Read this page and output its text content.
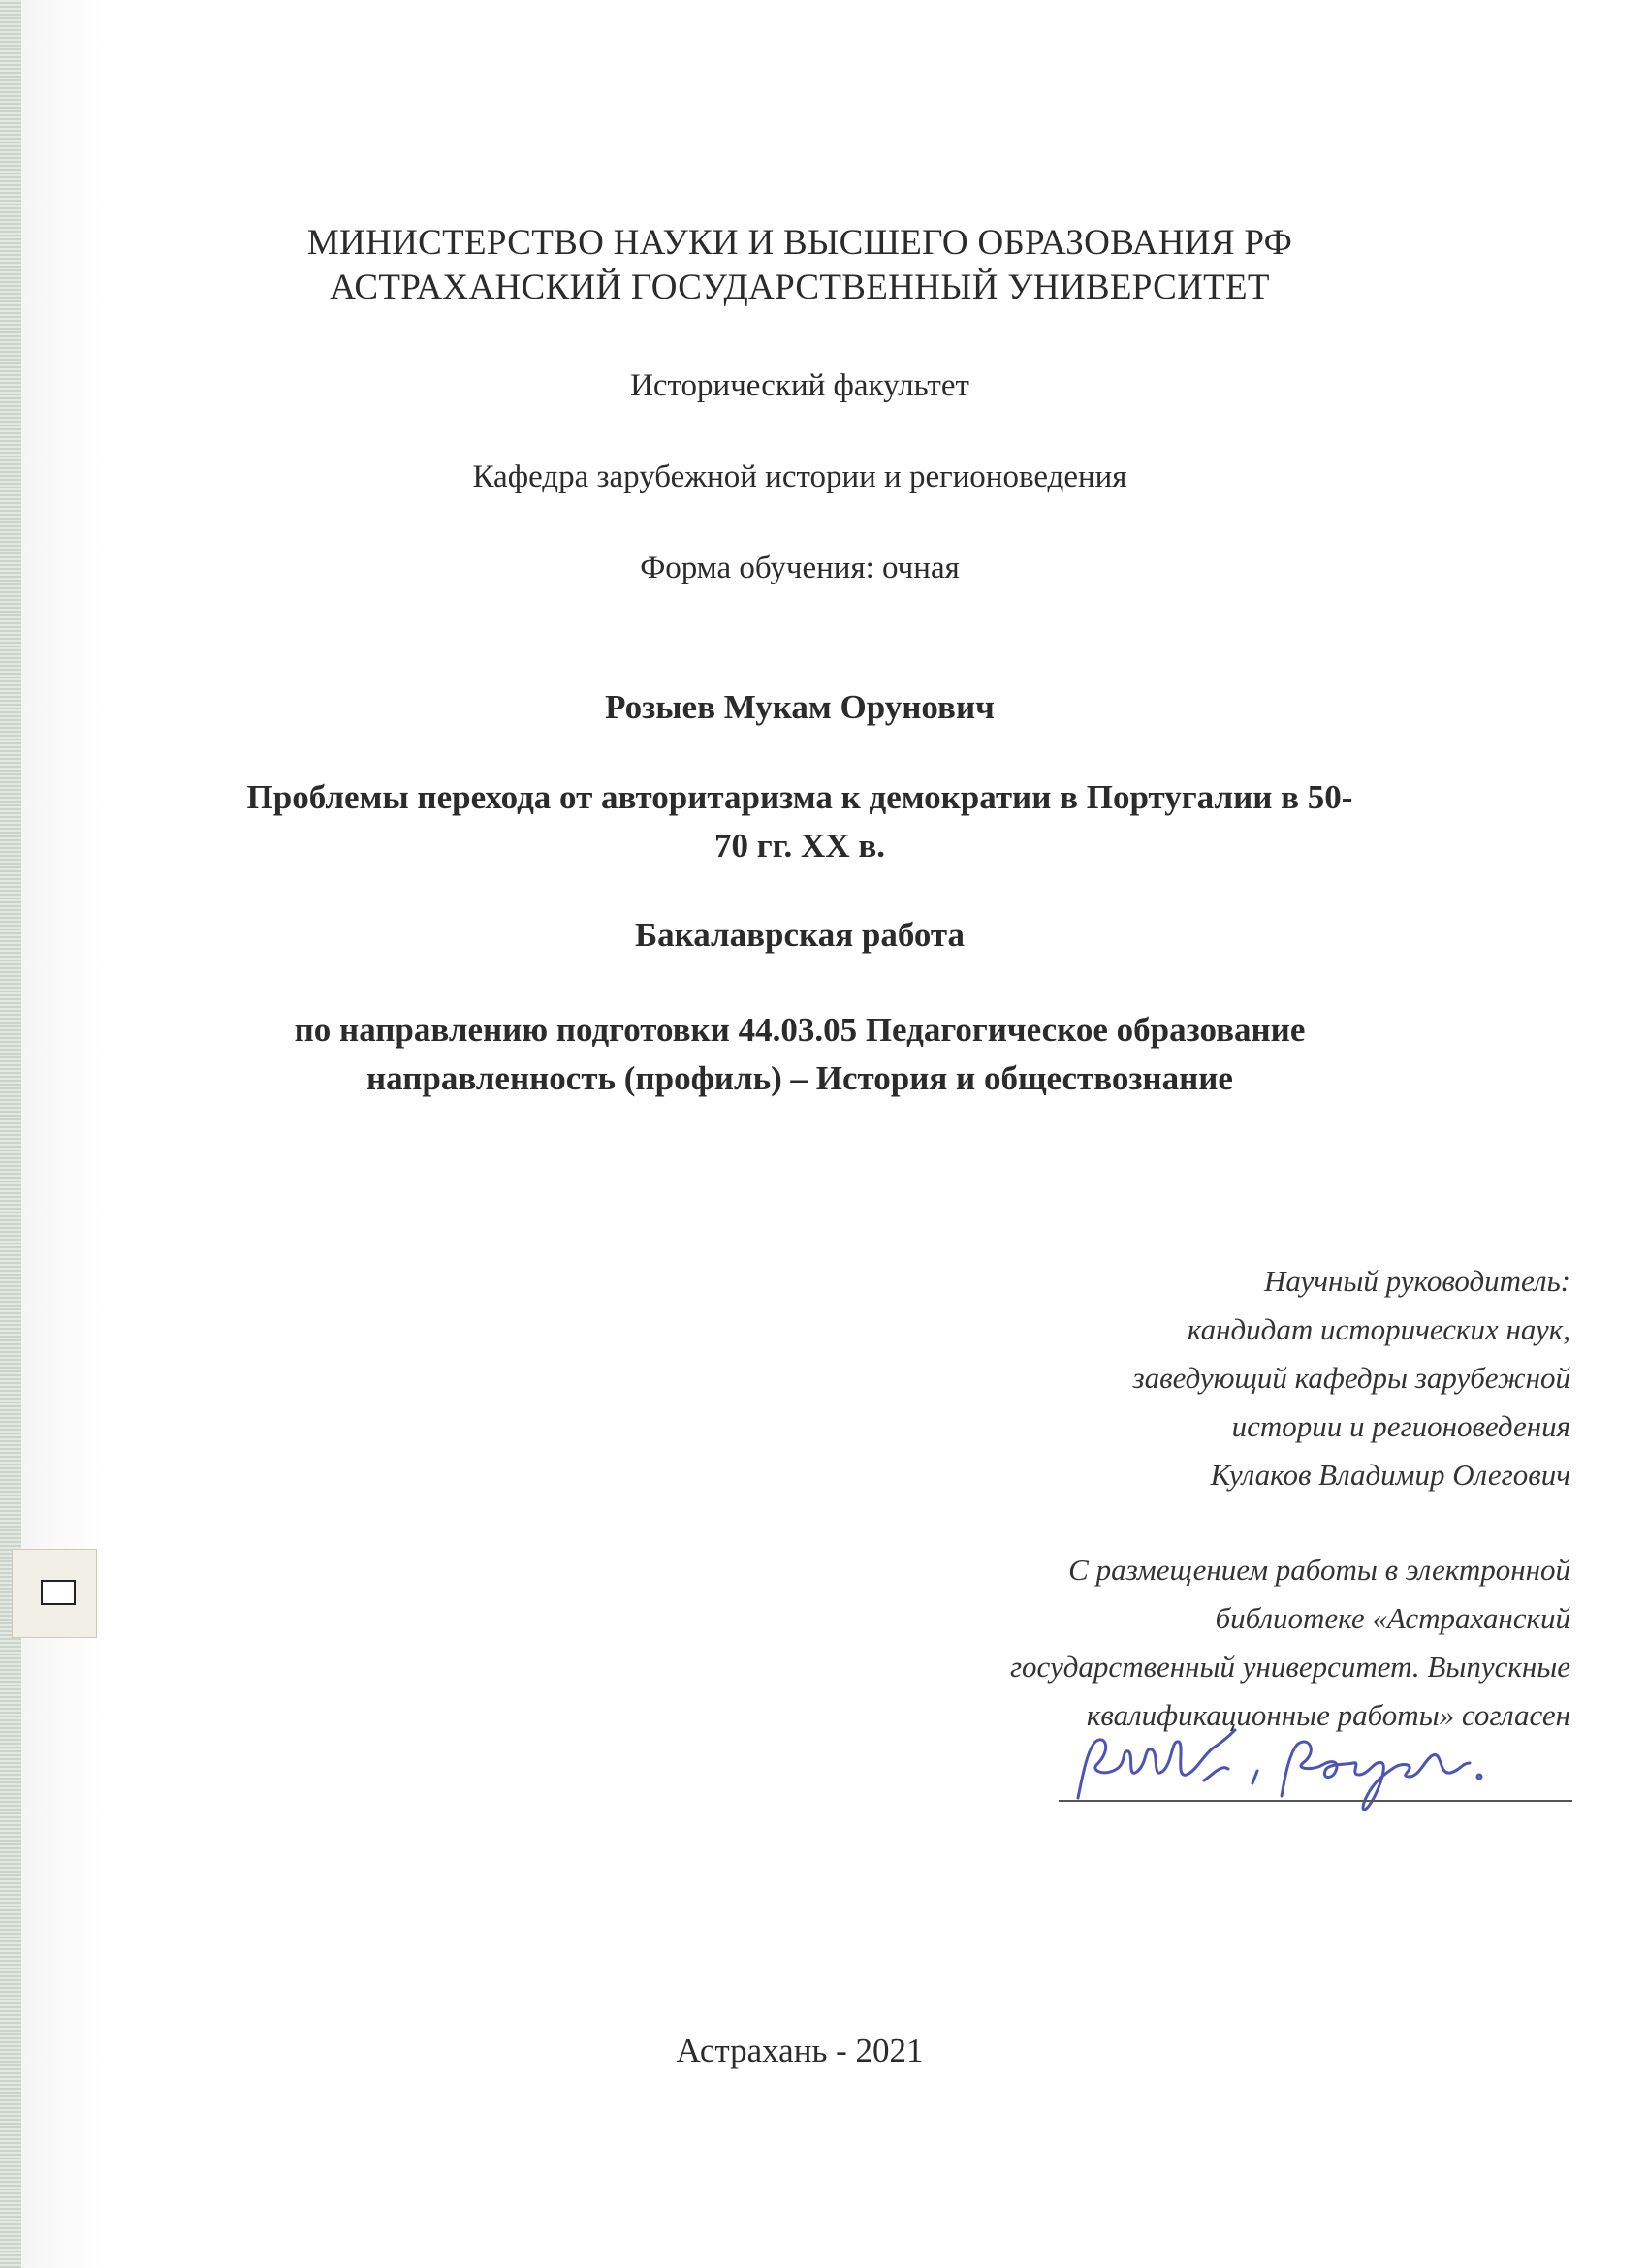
МИНИСТЕРСТВО НАУКИ И ВЫСШЕГО ОБРАЗОВАНИЯ РФ
АСТРАХАНСКИЙ ГОСУДАРСТВЕННЫЙ УНИВЕРСИТЕТ
Исторический факультет
Кафедра зарубежной истории и регионоведения
Форма обучения: очная
Розыев Мукам Орунович
Проблемы перехода от авторитаризма к демократии в Португалии в 50-
70 гг. XX в.
Бакалаврская работа
по направлению подготовки 44.03.05 Педагогическое образование
направленность (профиль) – История и обществознание
Научный руководитель:
кандидат исторических наук,
заведующий кафедры зарубежной
истории и регионоведения
Кулаков Владимир Олегович
С размещением работы в электронной
библиотеке «Астраханский
государственный университет. Выпускные
квалификационные работы» согласен
Астрахань - 2021
